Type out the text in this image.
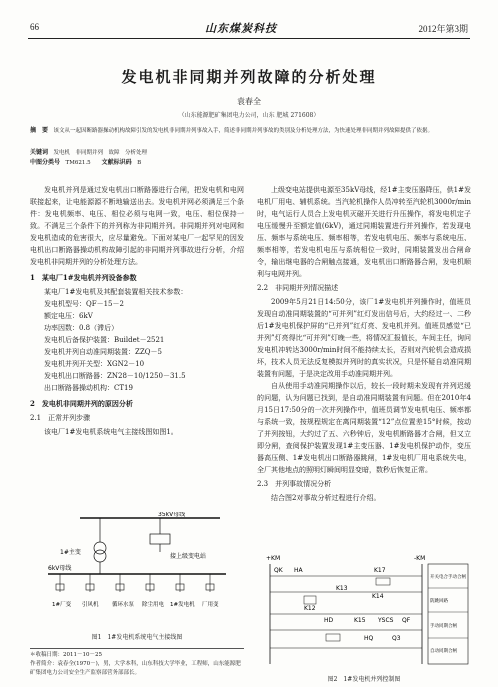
66	山东煤炭科技	2012年第3期
发电机非同期并列故障的分析处理
袁春全
（山东能源肥矿集团电力公司，山东 肥城 271608）
摘　要　 该文从一起因断路器操动机构故障引发的发电机非同期并列事故入手，简述非同期并列事故的类别及分析处理方法，为快速处理非同期并列故障提供了依据。
关键词　 发电机　非同期并列　故障　分析处理
中图分类号　 TM621.5　　 文献标识码　 B

发电机并列是通过发电机出口断路器进行合闸，把发电机和电网联接起来，让电能源源不断地输送出去。发电机并网必须满足三个条件：发电机频率、电压、相位必须与电网一致，电压、相位保持一致。不满足三个条件下的并列称为非同期并列。非同期并列对电网和发电机造成的危害很大，应尽量避免。下面对某电厂一起罕见的因发电机出口断路器操动机构故障引起的非同期并列事故进行分析，介绍发电机非同期并列的分析处理方法。

1　某电厂1#发电机并列设备参数

某电厂1#发电机及其配套装置相关技术参数：

发电机型号：QF－15－2
额定电压：6kV
功率因数：0.8（滞后）
发电机后备保护装置：Buildet－2521
发电机并列自动准同期装置：ZZQ－5
发电机并列开关型：XGN2－10
发电机出口断路器：ZN28－10/1250－31.5
出口断路器操动机构：CT19
2　发电机非同期并列的原因分析
2.1　正常并列步骤

该电厂1#发电机系统电气主接线图如图1。

35kV母线
接上级变电站
1#主变
6kV母线
1#厂变 引风机 循环水泵 除尘用电 1#发电机 厂用变
图1　1#发电机系统电气主接线图
＊收稿日期：2011－10－25
作者简介：袁春全(1970－)，男，大学本科，山东科技大学毕业，工程师，山东能源肥矿集团电力公司安全生产监察部营务部部长。

上级变电站提供电源至35kV母线，经1#主变压器降压，供1#发电机厂用电、辅机系统。当汽轮机操作人员冲转至汽轮机3000r/min时，电气运行人员合上发电机灭磁开关进行升压操作，将发电机定子电压缓慢升至额定值(6kV)，通过同期装置进行并列操作，若发现电压、频率与系统电压、频率相等，若发电机电压、频率与系统电压、频率相等，若发电机电压与系统相位一致时，同期装置发出合闸命令，输出继电器的合闸触点接通，发电机出口断路器合闸，发电机顺利与电网并列。

2.2　非同期并列情况描述

2009年5月21日14:50分，该厂1#发电机并列操作时，值班员发现自动准同期装置的“可并列”红灯发出信号后，大约经过一、二秒后1#发电机保护屏的“已并列”红灯亮、发电机并列。值班员感觉“已并列”灯亮得比“可并列”灯晚一些，将情况汇报值长，车间主任，询问发电机冲转达3000r/min时间不能持续太长，否则对汽轮机会造成损坏，技术人员无法反复模拟并列时的真实状况，只是怀疑自动准同期装置有问题，于是决定改用手动准同期并列。

自从使用手动准同期操作以后，较长一段时期未发现有并列迟缓的问题，认为问题已找到，是自动准同期装置有问题。但在2010年4月15日17:50分的一次并列操作中，值班员调节发电机电压、频率都与系统一致，按规程规定在离同期装置“12”点位置差15°时候，按动了并列按钮，大约过了五、六秒钟后，发电机断路器才合闸，但又立即分闸，查阅保护装置发现1#主变压器、1#发电机保护动作，变压器高压侧、1#发电机出口断路器跳闸，1#发电机厂用电系统失电，全厂其他地点的照明灯瞬间明显变暗，数秒后恢复正常。

2.3　并列事故情况分析

结合图2对事故分析过程进行介绍。

+KM	-KM
QK HA	K17
K13
K14
K12
HD	K15 YSCS QF
HQ	Q3
开关电合手动合闸
防跳回路
手动同期合闸
自动同期合闸
图2　1#发电机并列控制图
